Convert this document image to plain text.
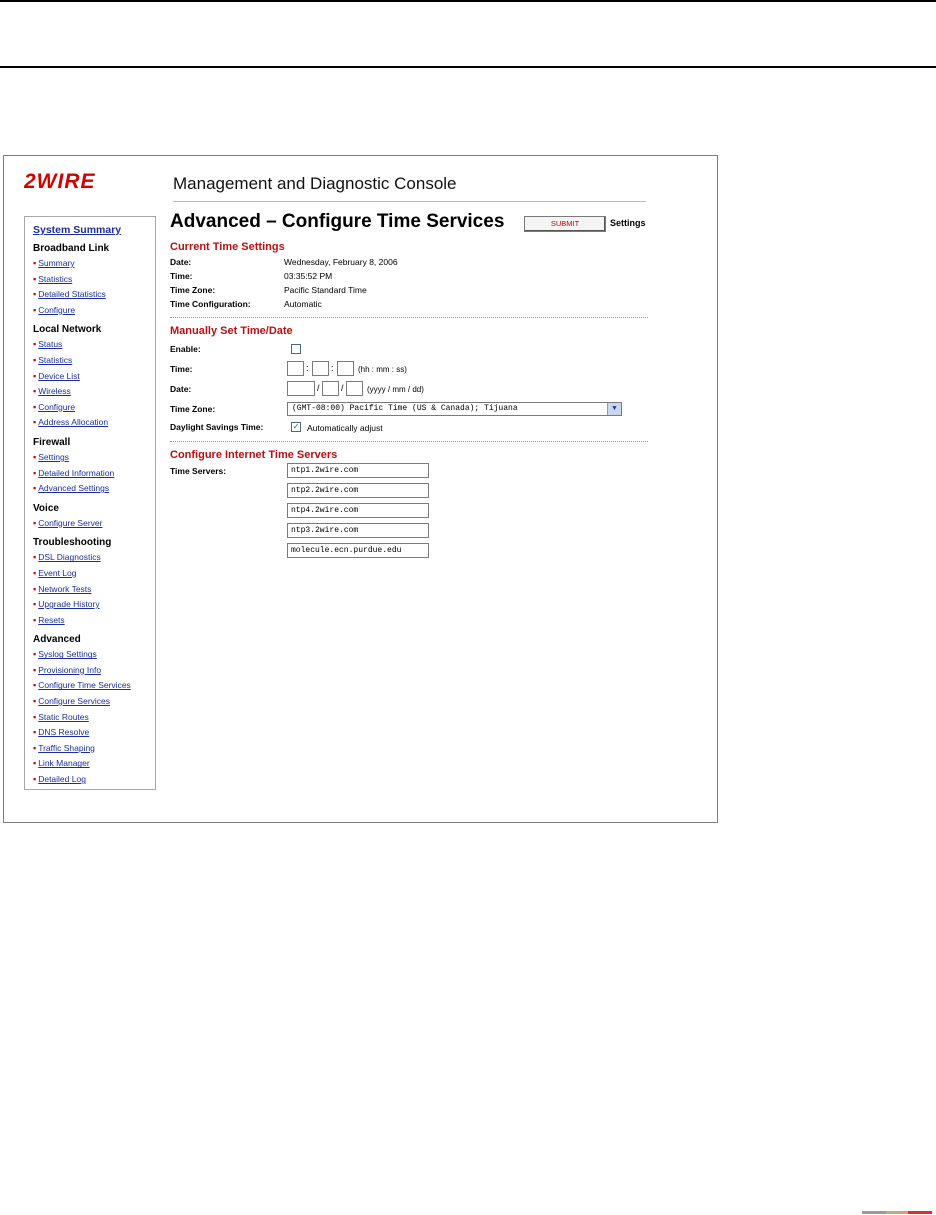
2WIRE	Management and Diagnostic Console
System Summary
Broadband Link
▪ Summary
▪ Statistics
▪ Detailed Statistics
▪ Configure
Local Network
▪ Status
▪ Statistics
▪ Device List
▪ Wireless
▪ Configure
▪ Address Allocation
Firewall
▪ Settings
▪ Detailed Information
▪ Advanced Settings
Voice
▪ Configure Server
Troubleshooting
▪ DSL Diagnostics
▪ Event Log
▪ Network Tests
▪ Upgrade History
▪ Resets
Advanced
▪ Syslog Settings
▪ Provisioning Info
▪ Configure Time Services
▪ Configure Services
▪ Static Routes
▪ DNS Resolve
▪ Traffic Shaping
▪ Link Manager
▪ Detailed Log
Advanced – Configure Time Services	SUBMIT	Settings
Current Time Settings
Date:	Wednesday, February 8, 2006
Time:	03:35:52 PM
Time Zone:	Pacific Standard Time
Time Configuration:	Automatic
Manually Set Time/Date
Enable:
Time:	: :	(hh : mm : ss)
Date:	/ /	(yyyy / mm / dd)
Time Zone:	(GMT-08:00) Pacific Time (US & Canada); Tijuana	▼
Daylight Savings Time:	✓ Automatically adjust
Configure Internet Time Servers
Time Servers:	ntp1.2wire.com
ntp2.2wire.com
ntp4.2wire.com
ntp3.2wire.com
molecule.ecn.purdue.edu
